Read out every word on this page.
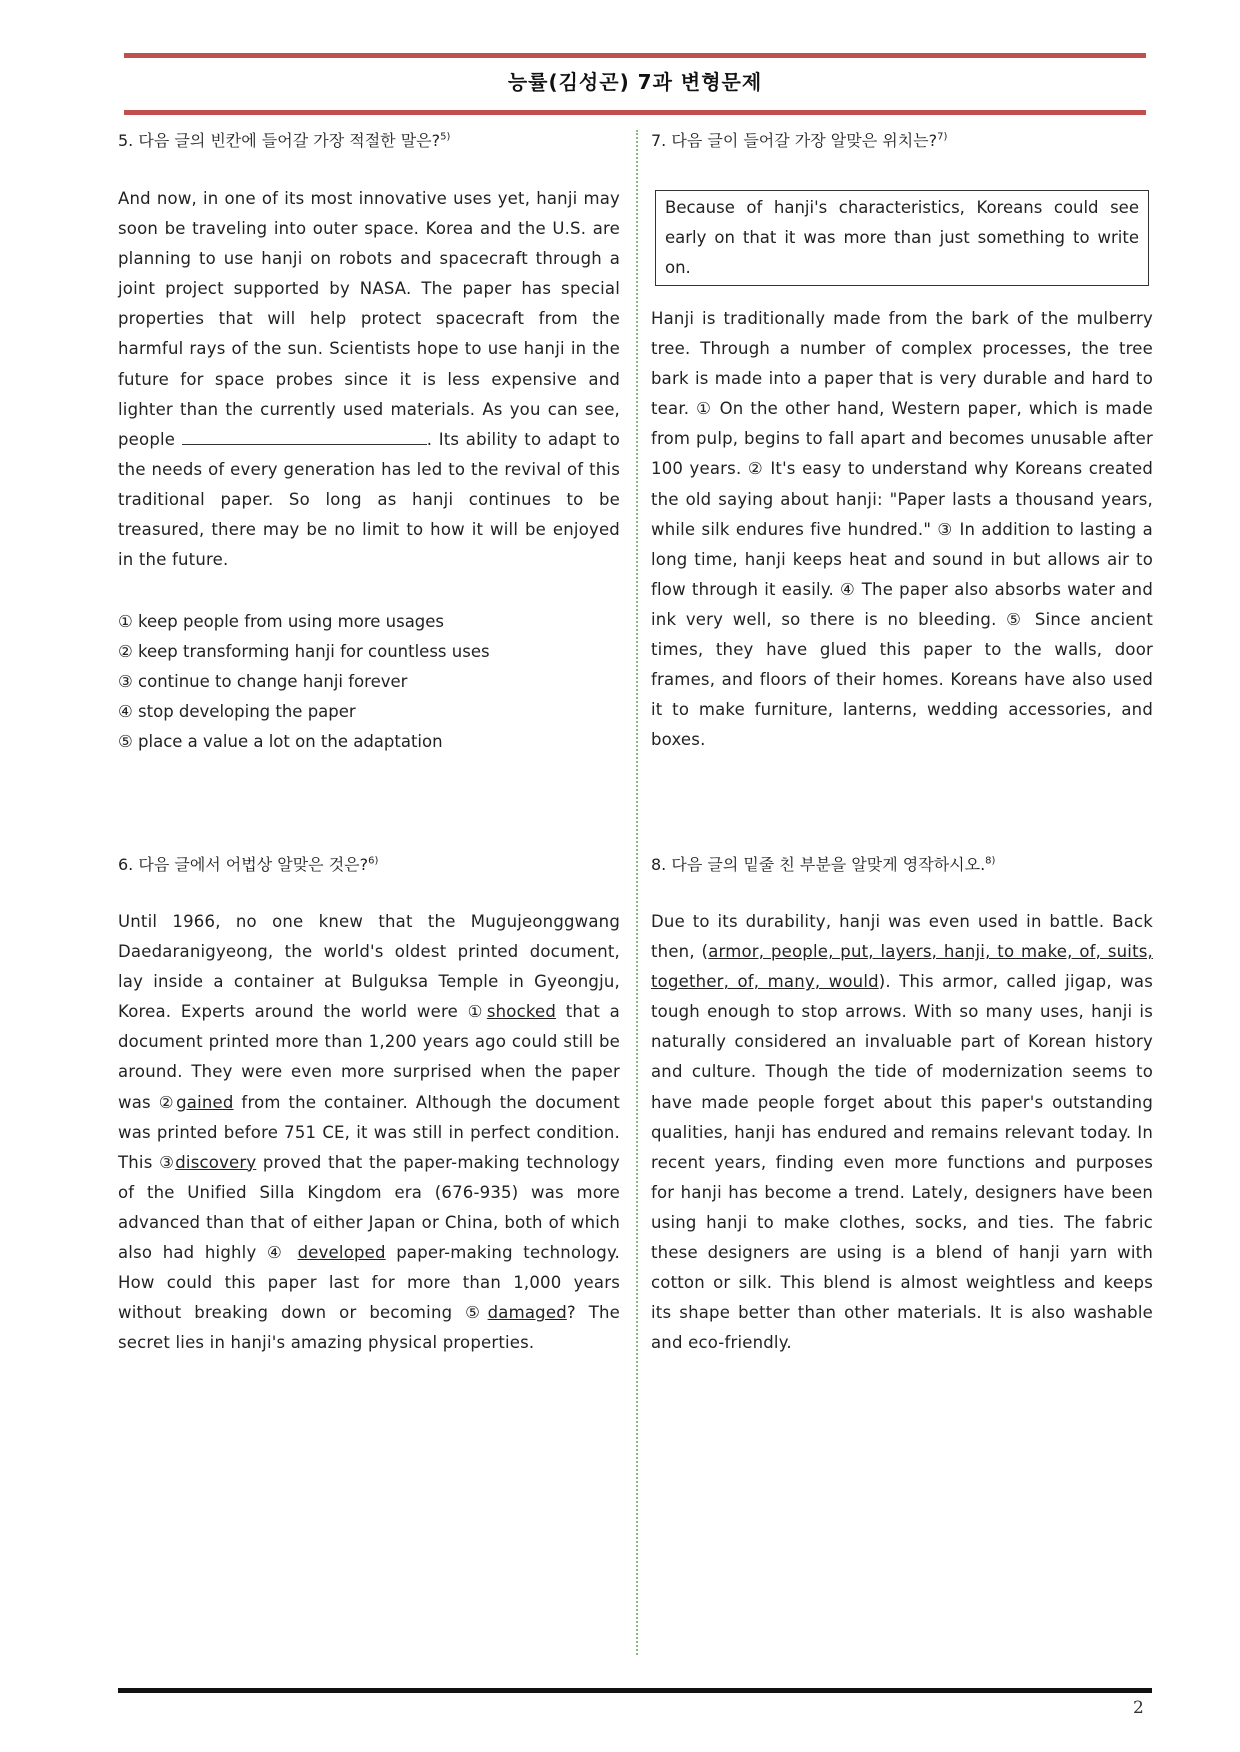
능률(김성곤) 7과 변형문제
5. 다음 글의 빈칸에 들어갈 가장 적절한 말은?$^{5)}$
And now, in one of its most innovative uses yet, hanji may soon be traveling into outer space. Korea and the U.S. are planning to use hanji on robots and spacecraft through a joint project supported by NASA. The paper has special properties that will help protect spacecraft from the harmful rays of the sun. Scientists hope to use hanji in the future for space probes since it is less expensive and lighter than the currently used materials. As you can see, people	. Its ability to adapt to the needs of every generation has led to the revival of this traditional paper. So long as hanji continues to be treasured, there may be no limit to how it will be enjoyed in the future.
① keep people from using more usages
② keep transforming hanji for countless uses
③ continue to change hanji forever
④ stop developing the paper
⑤ place a value a lot on the adaptation
6. 다음 글에서 어법상 알맞은 것은?$^{6)}$
Until 1966, no one knew that the Mugujeonggwang Daedaranigyeong, the world's oldest printed document, lay inside a container at Bulguksa Temple in Gyeongju, Korea. Experts around the world were ①shocked that a document printed more than 1,200 years ago could still be around. They were even more surprised when the paper was ②gained from the container. Although the document was printed before 751 CE, it was still in perfect condition. This ③discovery proved that the paper-making technology of the Unified Silla Kingdom era (676-935) was more advanced than that of either Japan or China, both of which also had highly ④ developed paper-making technology. How could this paper last for more than 1,000 years without breaking down or becoming ⑤damaged? The secret lies in hanji's amazing physical properties.
7. 다음 글이 들어갈 가장 알맞은 위치는?$^{7)}$
Because of hanji's characteristics, Koreans could see early on that it was more than just something to write on.
Hanji is traditionally made from the bark of the mulberry tree. Through a number of complex processes, the tree bark is made into a paper that is very durable and hard to tear. ① On the other hand, Western paper, which is made from pulp, begins to fall apart and becomes unusable after 100 years. ② It's easy to understand why Koreans created the old saying about hanji: "Paper lasts a thousand years, while silk endures five hundred." ③ In addition to lasting a long time, hanji keeps heat and sound in but allows air to flow through it easily. ④ The paper also absorbs water and ink very well, so there is no bleeding. ⑤ Since ancient times, they have glued this paper to the walls, door frames, and floors of their homes. Koreans have also used it to make furniture, lanterns, wedding accessories, and boxes.
8. 다음 글의 밑줄 친 부분을 알맞게 영작하시오.$^{8)}$
Due to its durability, hanji was even used in battle. Back then, (armor, people, put, layers, hanji, to make, of, suits, together, of, many, would). This armor, called jigap, was tough enough to stop arrows. With so many uses, hanji is naturally considered an invaluable part of Korean history and culture. Though the tide of modernization seems to have made people forget about this paper's outstanding qualities, hanji has endured and remains relevant today. In recent years, finding even more functions and purposes for hanji has become a trend. Lately, designers have been using hanji to make clothes, socks, and ties. The fabric these designers are using is a blend of hanji yarn with cotton or silk. This blend is almost weightless and keeps its shape better than other materials. It is also washable and eco-friendly.
2
